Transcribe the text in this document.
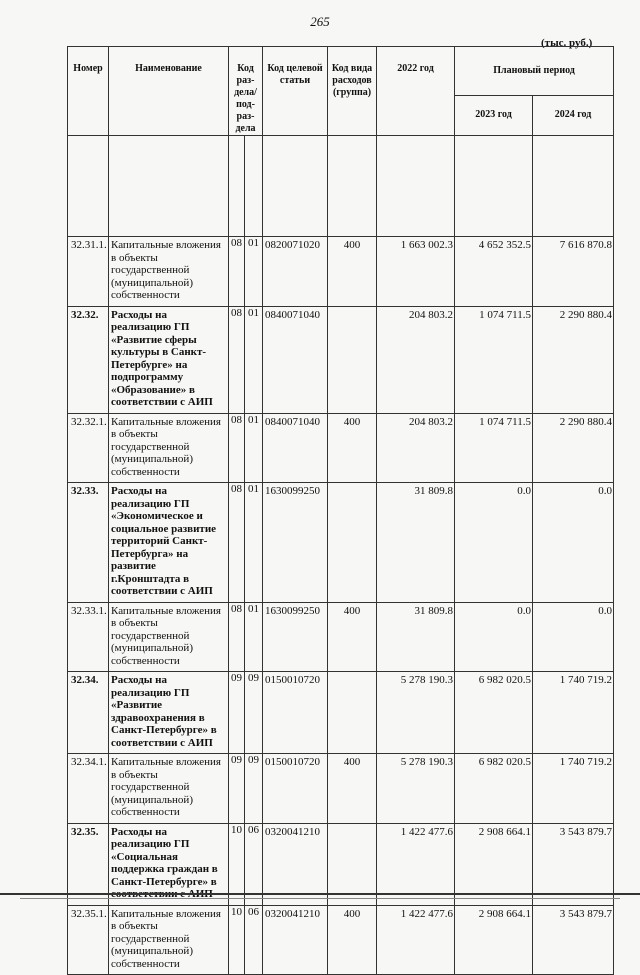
265
(тыс. руб.)
Номер	Наименование	Код раз-дела/ под-раз-дела		Код целевой статьи	Код вида расходов (группа)	2022 год	Плановый период	
							2023 год	2024 год

32.31.1.	Капитальные вложения в объекты государственной (муниципальной) собственности	08	01	0820071020	400	1 663 002.3	4 652 352.5	7 616 870.8
32.32.	Расходы на реализацию ГП «Развитие сферы культуры в Санкт-Петербурге» на подпрограмму «Образование» в соответствии с АИП	08	01	0840071040		204 803.2	1 074 711.5	2 290 880.4
32.32.1.	Капитальные вложения в объекты государственной (муниципальной) собственности	08	01	0840071040	400	204 803.2	1 074 711.5	2 290 880.4
32.33.	Расходы на реализацию ГП «Экономическое и социальное развитие территорий Санкт-Петербурга» на развитие г.Кронштадта в соответствии с АИП	08	01	1630099250		31 809.8	0.0	0.0
32.33.1.	Капитальные вложения в объекты государственной (муниципальной) собственности	08	01	1630099250	400	31 809.8	0.0	0.0
32.34.	Расходы на реализацию ГП «Развитие здравоохранения в Санкт-Петербурге» в соответствии с АИП	09	09	0150010720		5 278 190.3	6 982 020.5	1 740 719.2
32.34.1.	Капитальные вложения в объекты государственной (муниципальной) собственности	09	09	0150010720	400	5 278 190.3	6 982 020.5	1 740 719.2
32.35.	Расходы на реализацию ГП «Социальная поддержка граждан в Санкт-Петербурге» в соответствии с АИП	10	06	0320041210		1 422 477.6	2 908 664.1	3 543 879.7
32.35.1.	Капитальные вложения в объекты государственной (муниципальной) собственности	10	06	0320041210	400	1 422 477.6	2 908 664.1	3 543 879.7
